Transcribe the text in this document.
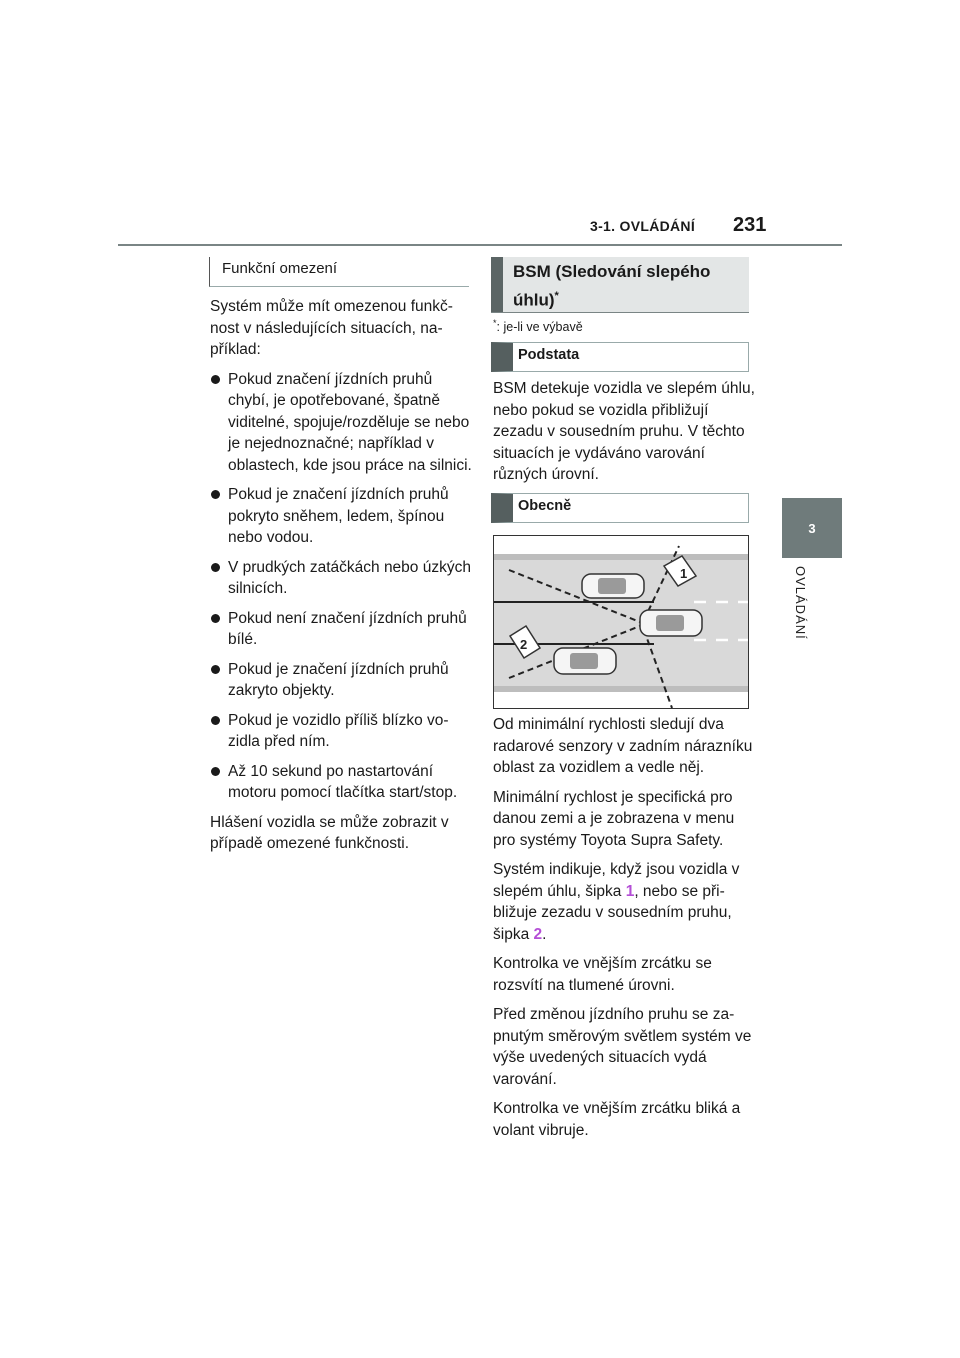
3-1. OVLÁDÁNÍ 231
3
OVLÁDÁNÍ
Funkční omezení

Systém může mít omezenou funkčnost v následujících situacích, například:

Pokud značení jízdních pruhů chybí, je opotřebované, špatně viditelné, spojuje/rozděluje se nebo je nejednoznačné; například v oblastech, kde jsou práce na silnici.
Pokud je značení jízdních pruhů pokryto sněhem, ledem, špínou nebo vodou.
V prudkých zatáčkách nebo úzkých silnicích.
Pokud není značení jízdních pruhů bílé.
Pokud je značení jízdních pruhů zakryto objekty.
Pokud je vozidlo příliš blízko vozidla před ním.
Až 10 sekund po nastartování motoru pomocí tlačítka start/stop.

Hlášení vozidla se může zobrazit v případě omezené funkčnosti.

BSM (Sledování slepého úhlu)*
*: je-li ve výbavě
Podstata

BSM detekuje vozidla ve slepém úhlu, nebo pokud se vozidla přibližují zezadu v sousedním pruhu. V těchto situacích je vydáváno varování různých úrovní.

Obecně
1
2

Od minimální rychlosti sledují dva radarové senzory v zadním nárazníku oblast za vozidlem a vedle něj.

Minimální rychlost je specifická pro danou zemi a je zobrazena v menu pro systémy Toyota Supra Safety.

Systém indikuje, když jsou vozidla v slepém úhlu, šipka 1, nebo se přibližuje zezadu v sousedním pruhu, šipka 2.

Kontrolka ve vnějším zrcátku se rozsvítí na tlumené úrovni.

Před změnou jízdního pruhu se zapnutým směrovým světlem systém ve výše uvedených situacích vydá varování.

Kontrolka ve vnějším zrcátku bliká a volant vibruje.
